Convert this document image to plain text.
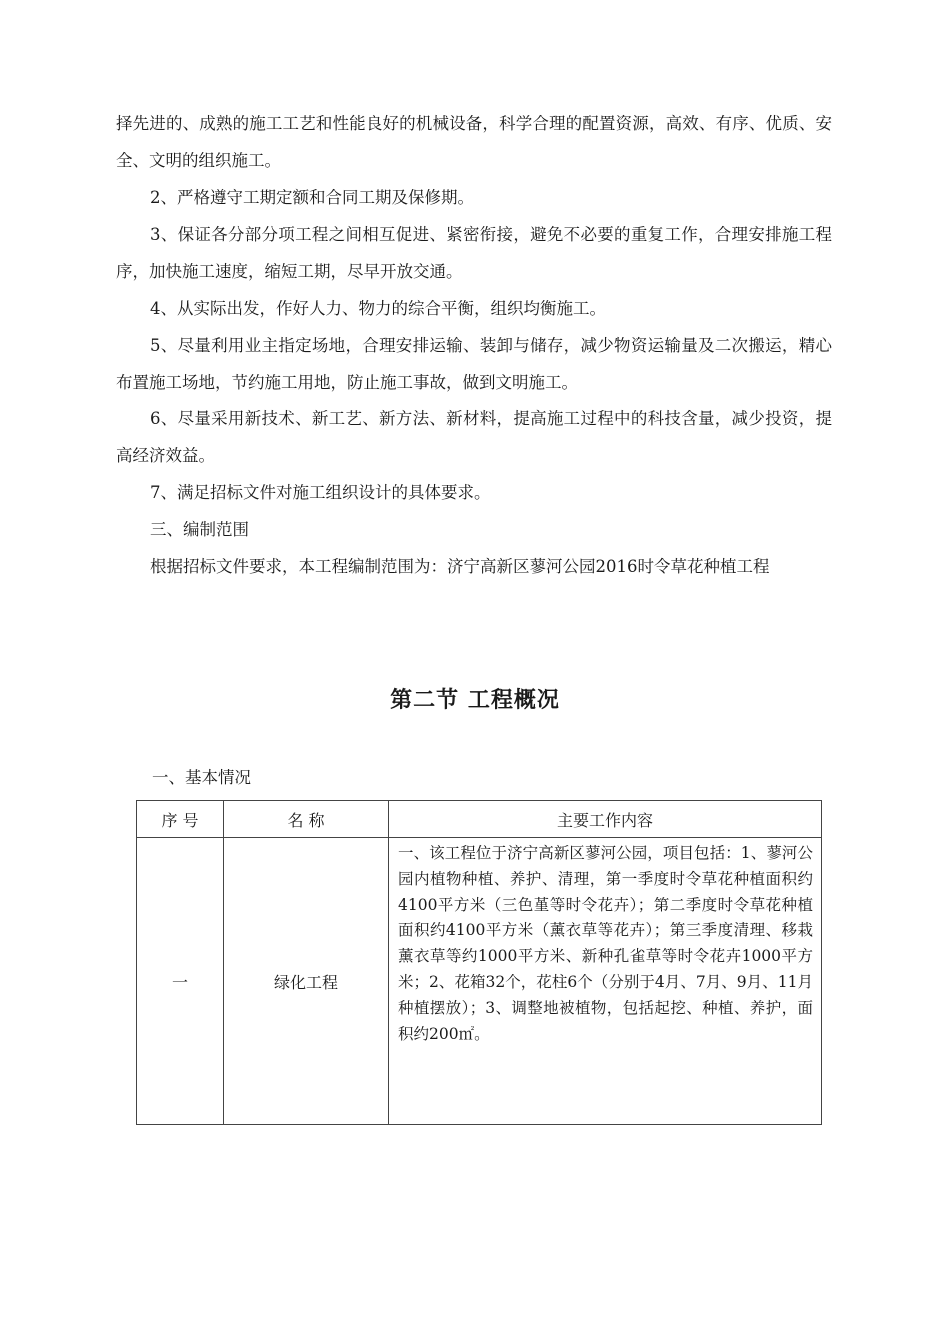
择先进的、成熟的施工工艺和性能良好的机械设备，科学合理的配置资源，高效、有序、优质、安全、文明的组织施工。

2、严格遵守工期定额和合同工期及保修期。

3、保证各分部分项工程之间相互促进、紧密衔接，避免不必要的重复工作，合理安排施工程序，加快施工速度，缩短工期，尽早开放交通。

4、从实际出发，作好人力、物力的综合平衡，组织均衡施工。

5、尽量利用业主指定场地，合理安排运输、装卸与储存，减少物资运输量及二次搬运，精心布置施工场地，节约施工用地，防止施工事故，做到文明施工。

6、尽量采用新技术、新工艺、新方法、新材料，提高施工过程中的科技含量，减少投资，提高经济效益。

7、满足招标文件对施工组织设计的具体要求。

三、编制范围

根据招标文件要求，本工程编制范围为：济宁高新区蓼河公园2016时令草花种植工程

第二节 工程概况

一、基本情况

序 号	名 称	主要工作内容
一	绿化工程	一、该工程位于济宁高新区蓼河公园，项目包括：1、蓼河公园内植物种植、养护、清理，第一季度时令草花种植面积约4100平方米（三色堇等时令花卉）；第二季度时令草花种植面积约4100平方米（薰衣草等花卉）；第三季度清理、移栽薰衣草等约1000平方米、新种孔雀草等时令花卉1000平方米；2、花箱32个，花柱6个（分别于4月、7月、9月、11月种植摆放）；3、调整地被植物，包括起挖、种植、养护，面积约200㎡。
